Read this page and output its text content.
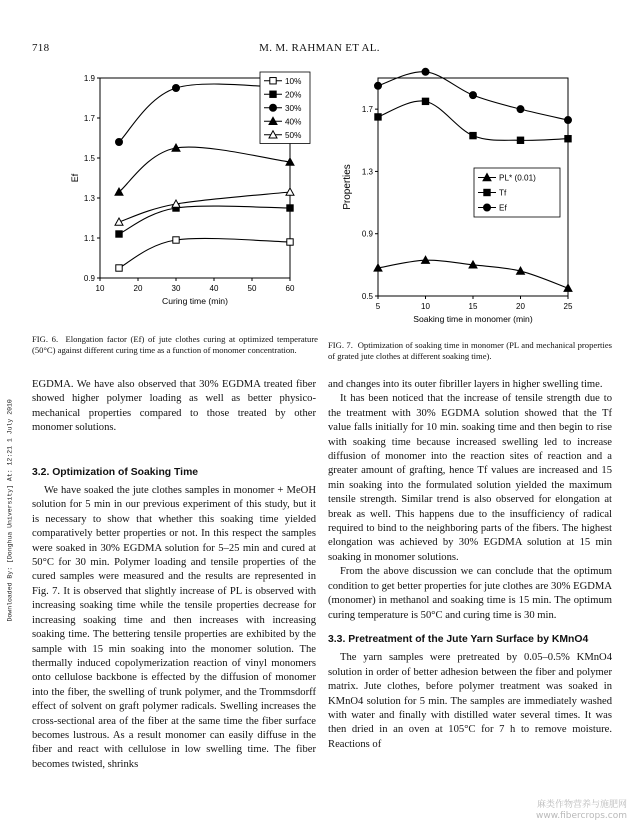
718	M. M. RAHMAN ET AL.
Downloaded By: [Donghua University] At: 12:21 1 July 2010
10	20	30	40	50	60
0.9
1.1
1.3
1.5
1.7
1.9
Curing time (min)
Ef
10%
20%
30%
40%
50%
5	10	15	20	25
0.5
0.9
1.3
1.7
Soaking time in monomer (min)
Properties	PL* (0.01)
Tf
Ef
FIG. 6. Elongation factor (Ef) of jute clothes curing at optimized temperature (50°C) against different curing time as a function of monomer concentration.
FIG. 7. Optimization of soaking time in monomer (PL and mechanical properties of grated jute clothes at different soaking time).

EGDMA. We have also observed that 30% EGDMA treated fiber showed higher polymer loading as well as better physico-mechanical properties compared to those treated by other monomer solutions.

3.2. Optimization of Soaking Time

We have soaked the jute clothes samples in monomer + MeOH solution for 5 min in our previous experiment of this study, but it is necessary to show that whether this soaking time yielded comparatively better properties or not. In this respect the samples were soaked in 30% EGDMA solution for 5–25 min and cured at 50°C for 30 min. Polymer loading and tensile properties of the cured samples were measured and the results are represented in Fig. 7. It is observed that slightly increase of PL is observed with increasing soaking time while the tensile properties decrease for increasing soaking time and then increases with increasing soaking time. The bettering tensile properties are exhibited by the sample with 15 min soaking into the monomer solution. The thermally induced copolymerization reaction of vinyl monomers onto cellulose backbone is effected by the diffusion of monomer into the fiber, the swelling of trunk polymer, and the Trommsdorff effect of solvent on graft polymer radicals. Swelling increases the cross-sectional area of the fiber at the same time the fiber surface becomes lustrous. As a result monomer can easily diffuse in the fiber and react with cellulose in low swelling time. The fiber becomes twisted, shrinks

and changes into its outer fibriller layers in higher swelling time.

It has been noticed that the increase of tensile strength due to the treatment with 30% EGDMA solution showed that the Tf value falls initially for 10 min. soaking time and then begin to rise with soaking time because increased swelling led to increase diffusion of monomer into the reaction sites of reaction and a greater amount of grafting, hence Tf values are increased and 15 min soaking into the formulated solution yielded the maximum tensile strength. Similar trend is also observed for elongation at break as well. This happens due to the insufficiency of radical required to bind to the neighboring parts of the fibers. The highest elongation was achieved by 30% EGDMA solution at 15 min soaking in monomer solutions.

From the above discussion we can conclude that the optimum condition to get better properties for jute clothes are 30% EGDMA (monomer) in methanol and soaking time is 15 min. The optimum curing temperature is 50°C and curing time is 30 min.

3.3. Pretreatment of the Jute Yarn Surface by KMnO4

The yarn samples were pretreated by 0.05–0.5% KMnO4 solution in order of better adhesion between the fiber and polymer matrix. Jute clothes, before polymer treatment was soaked in KMnO4 solution for 5 min. The samples are immediately washed with water and finally with distilled water several times. It was then dried in an oven at 105°C for 7 h to remove moisture. Reactions of

麻类作物营养与施肥网
www.fibercrops.com
